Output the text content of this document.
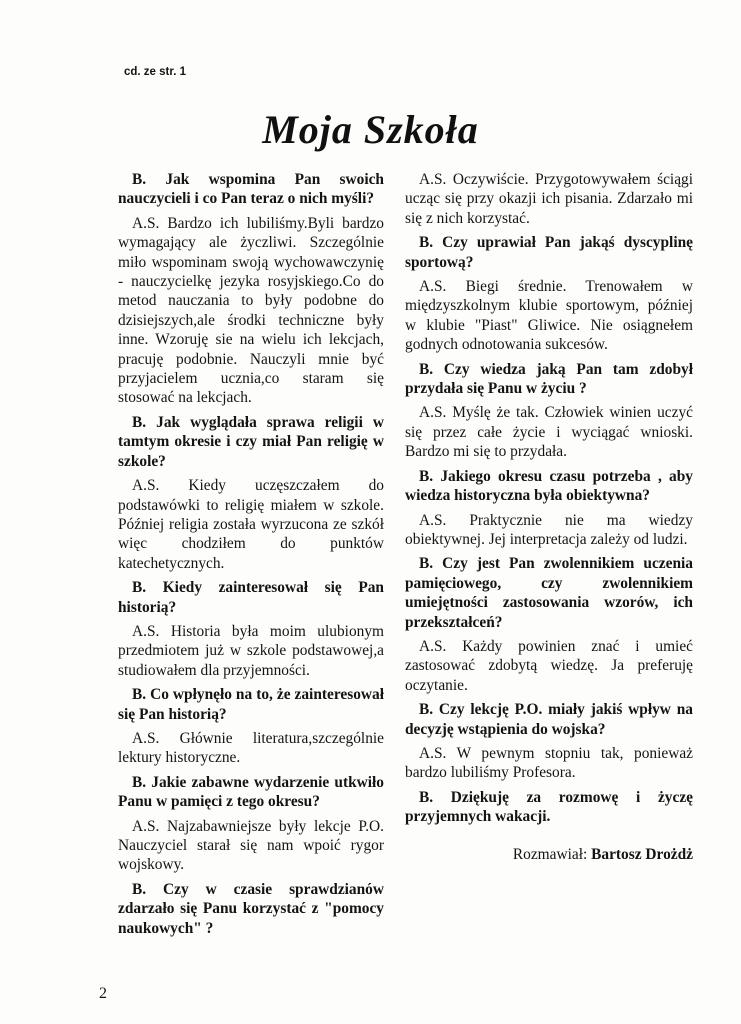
cd. ze str. 1
Moja Szkoła

B. Jak wspomina Pan swoich nauczycieli i co Pan teraz o nich myśli?

A.S. Bardzo ich lubiliśmy.Byli bardzo wymagający ale życzliwi. Szczególnie miło wspominam swoją wychowawczynię - nauczycielkę jezyka rosyjskiego.Co do metod nauczania to były podobne do dzisiejszych,ale środki techniczne były inne. Wzoruję sie na wielu ich lekcjach, pracuję podobnie. Nauczyli mnie być przyjacielem ucznia,co staram się stosować na lekcjach.

B. Jak wyglądała sprawa religii w tamtym okresie i czy miał Pan religię w szkole?

A.S. Kiedy uczęszczałem do podstawówki to religię miałem w szkole. Później religia została wyrzucona ze szkół więc chodziłem do punktów katechetycznych.

B. Kiedy zainteresował się Pan historią?

A.S. Historia była moim ulubionym przedmiotem już w szkole podstawowej,a studiowałem dla przyjemności.

B. Co wpłynęło na to, że zainteresował się Pan historią?

A.S. Głównie literatura,szczególnie lektury historyczne.

B. Jakie zabawne wydarzenie utkwiło Panu w pamięci z tego okresu?

A.S. Najzabawniejsze były lekcje P.O. Nauczyciel starał się nam wpoić rygor wojskowy.

B. Czy w czasie sprawdzianów zdarzało się Panu korzystać z "pomocy naukowych" ?

A.S. Oczywiście. Przygotowywałem ściągi ucząc się przy okazji ich pisania. Zdarzało mi się z nich korzystać.

B. Czy uprawiał Pan jakąś dyscyplinę sportową?

A.S. Biegi średnie. Trenowałem w międzyszkolnym klubie sportowym, później w klubie "Piast" Gliwice. Nie osiągnełem godnych odnotowania sukcesów.

B. Czy wiedza jaką Pan tam zdobył przydała się Panu w życiu ?

A.S. Myślę że tak. Człowiek winien uczyć się przez całe życie i wyciągać wnioski. Bardzo mi się to przydała.

B. Jakiego okresu czasu potrzeba , aby wiedza historyczna była obiektywna?

A.S. Praktycznie nie ma wiedzy obiektywnej. Jej interpretacja zależy od ludzi.

B. Czy jest Pan zwolennikiem uczenia pamięciowego, czy zwolennikiem umiejętności zastosowania wzorów, ich przekształceń?

A.S. Każdy powinien znać i umieć zastosować zdobytą wiedzę. Ja preferuję oczytanie.

B. Czy lekcję P.O. miały jakiś wpływ na decyzję wstąpienia do wojska?

A.S. W pewnym stopniu tak, ponieważ bardzo lubiliśmy Profesora.

B. Dziękuję za rozmowę i życzę przyjemnych wakacji.

Rozmawiał: Bartosz Drożdż

2
